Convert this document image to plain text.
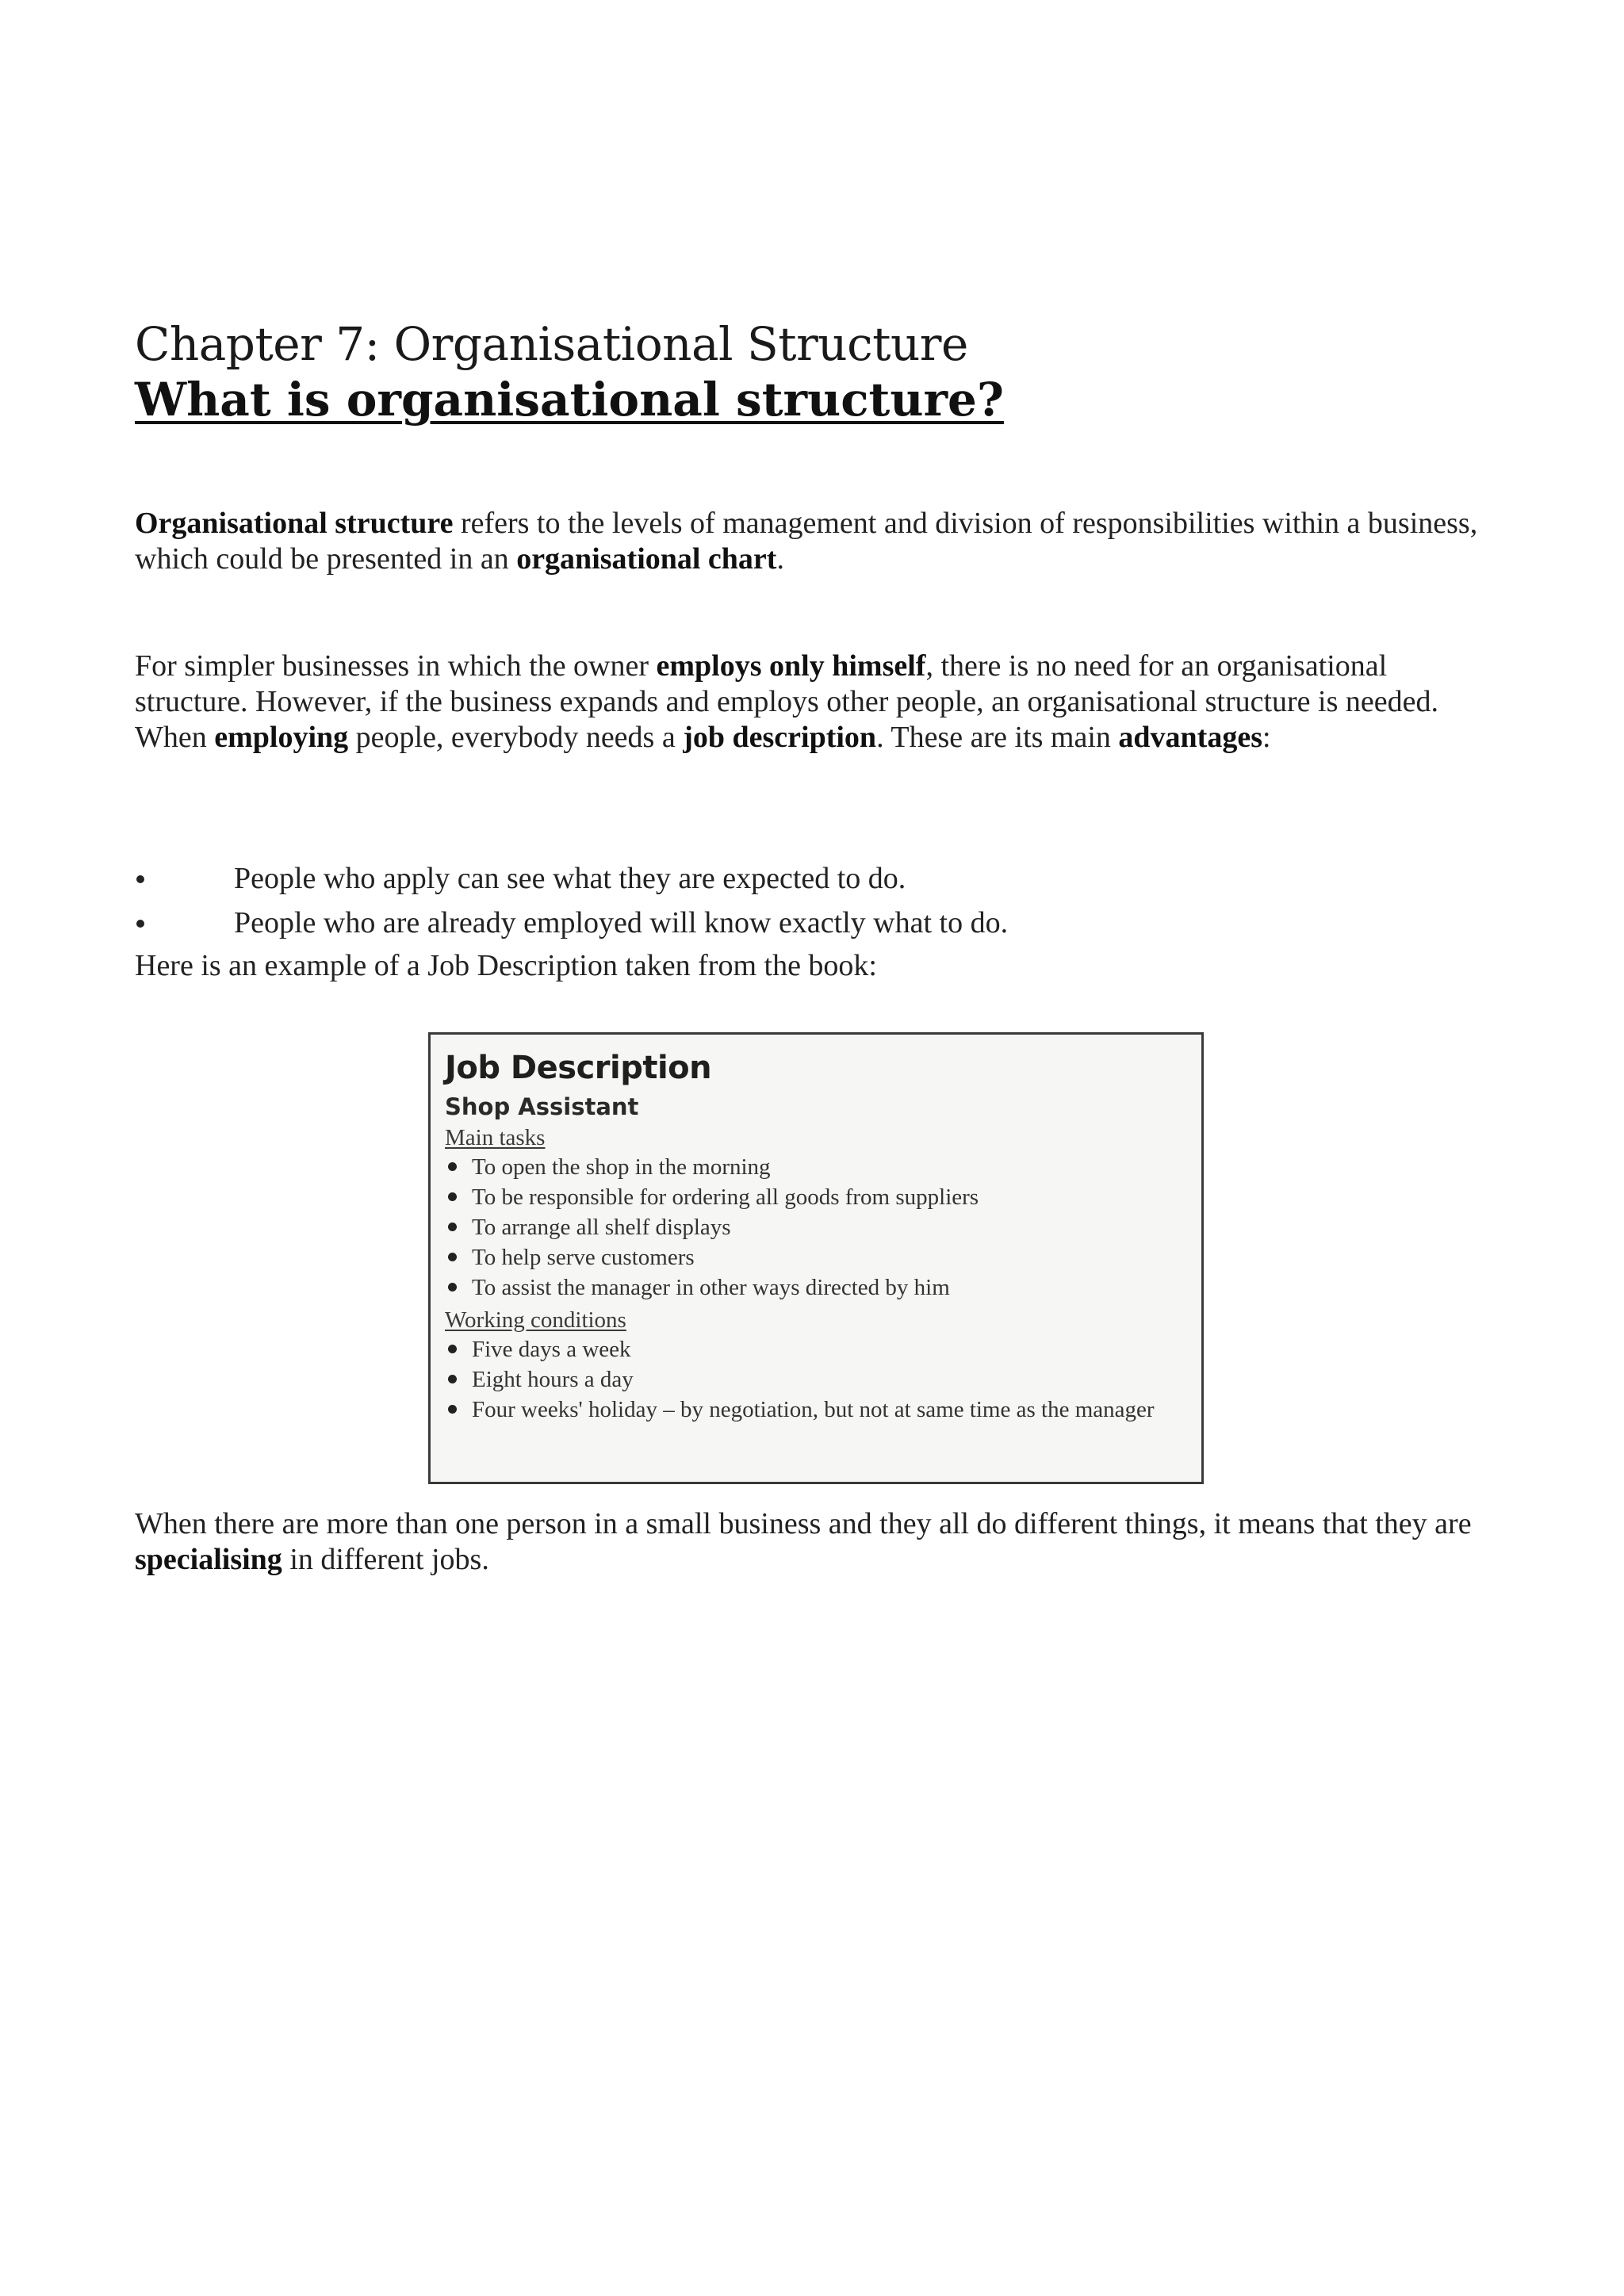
Chapter 7: Organisational Structure
What is organisational structure?

Organisational structure refers to the levels of management and division of responsibilities within a business, which could be presented in an organisational chart.

For simpler businesses in which the owner employs only himself, there is no need for an organisational structure. However, if the business expands and employs other people, an organisational structure is needed. When employing people, everybody needs a job description. These are its main advantages:

People who apply can see what they are expected to do.
People who are already employed will know exactly what to do.

Here is an example of a Job Description taken from the book:

Job Description

Shop Assistant

Main tasks

To open the shop in the morning
To be responsible for ordering all goods from suppliers
To arrange all shelf displays
To help serve customers
To assist the manager in other ways directed by him

Working conditions

Five days a week
Eight hours a day
Four weeks' holiday – by negotiation, but not at same time as the manager

When there are more than one person in a small business and they all do different things, it means that they are specialising in different jobs.
